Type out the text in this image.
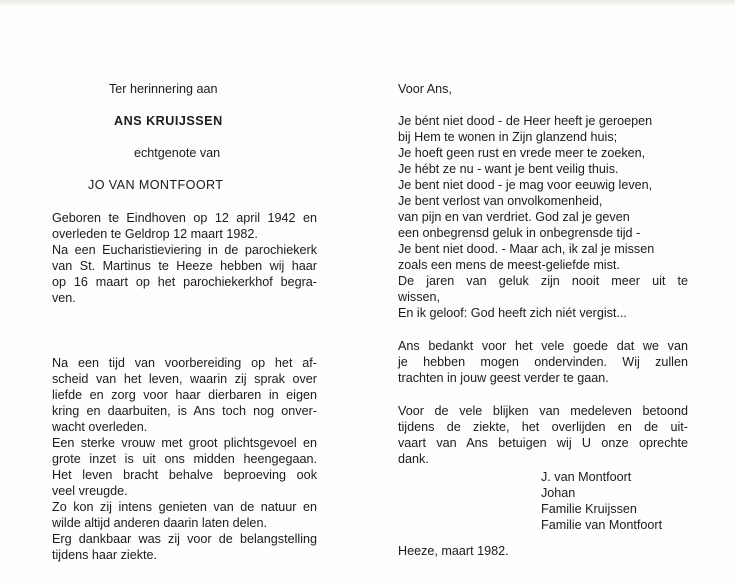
Ter herinnering aan
ANS KRUIJSSEN
echtgenote van
JO VAN MONTFOORT
Geboren te Eindhoven op 12 april 1942 en
overleden te Geldrop 12 maart 1982.
Na een Eucharistieviering in de parochiekerk
van St. Martinus te Heeze hebben wij haar
op 16 maart op het parochiekerkhof begra-
ven.
Na een tijd van voorbereiding op het af-
scheid van het leven, waarin zij sprak over
liefde en zorg voor haar dierbaren in eigen
kring en daarbuiten, is Ans toch nog onver-
wacht overleden.
Een sterke vrouw met groot plichtsgevoel en
grote inzet is uit ons midden heengegaan.
Het leven bracht behalve beproeving ook
veel vreugde.
Zo kon zij intens genieten van de natuur en
wilde altijd anderen daarin laten delen.
Erg dankbaar was zij voor de belangstelling
tijdens haar ziekte.
Voor Ans,
Je bént niet dood - de Heer heeft je geroepen
bij Hem te wonen in Zijn glanzend huis;
Je hoeft geen rust en vrede meer te zoeken,
Je hébt ze nu - want je bent veilig thuis.
Je bent niet dood - je mag voor eeuwig leven,
Je bent verlost van onvolkomenheid,
van pijn en van verdriet. God zal je geven
een onbegrensd geluk in onbegrensde tijd -
Je bent niet dood. - Maar ach, ik zal je missen
zoals een mens de meest-geliefde mist.
De jaren van geluk zijn nooit meer uit te
wissen,
En ik geloof: God heeft zich niét vergist...
Ans bedankt voor het vele goede dat we van
je hebben mogen ondervinden. Wij zullen
trachten in jouw geest verder te gaan.
Voor de vele blijken van medeleven betoond
tijdens de ziekte, het overlijden en de uit-
vaart van Ans betuigen wij U onze oprechte
dank.
J. van Montfoort
Johan
Familie Kruijssen
Familie van Montfoort
Heeze, maart 1982.
